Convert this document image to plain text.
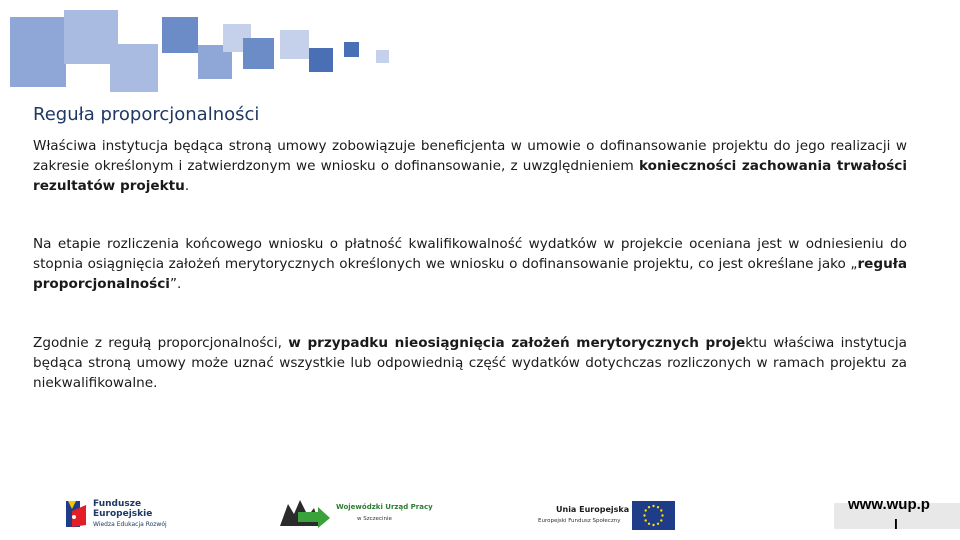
Reguła proporcjonalności

Właściwa instytucja będąca stroną umowy zobowiązuje beneficjenta w umowie o dofinansowanie projektu do jego realizacji w zakresie określonym i zatwierdzonym we wniosku o dofinansowanie, z uwzględnieniem konieczności zachowania trwałości rezultatów projektu.

Na etapie rozliczenia końcowego wniosku o płatność kwalifikowalność wydatków w projekcie oceniana jest w odniesieniu do stopnia osiągnięcia założeń merytorycznych określonych we wniosku o dofinansowanie projektu, co jest określane jako „reguła proporcjonalności”.

Zgodnie z regułą proporcjonalności, w przypadku nieosiągnięcia założeń merytorycznych projektu właściwa instytucja będąca stroną umowy może uznać wszystkie lub odpowiednią część wydatków dotychczas rozliczonych w ramach projektu za niekwalifikowalne.

Fundusze Europejskie
Wiedza Edukacja Rozwój
Wojewódzki Urząd Pracy
w Szczecinie
Unia Europejska
Europejski Fundusz Społeczny
www.wup.p
l
